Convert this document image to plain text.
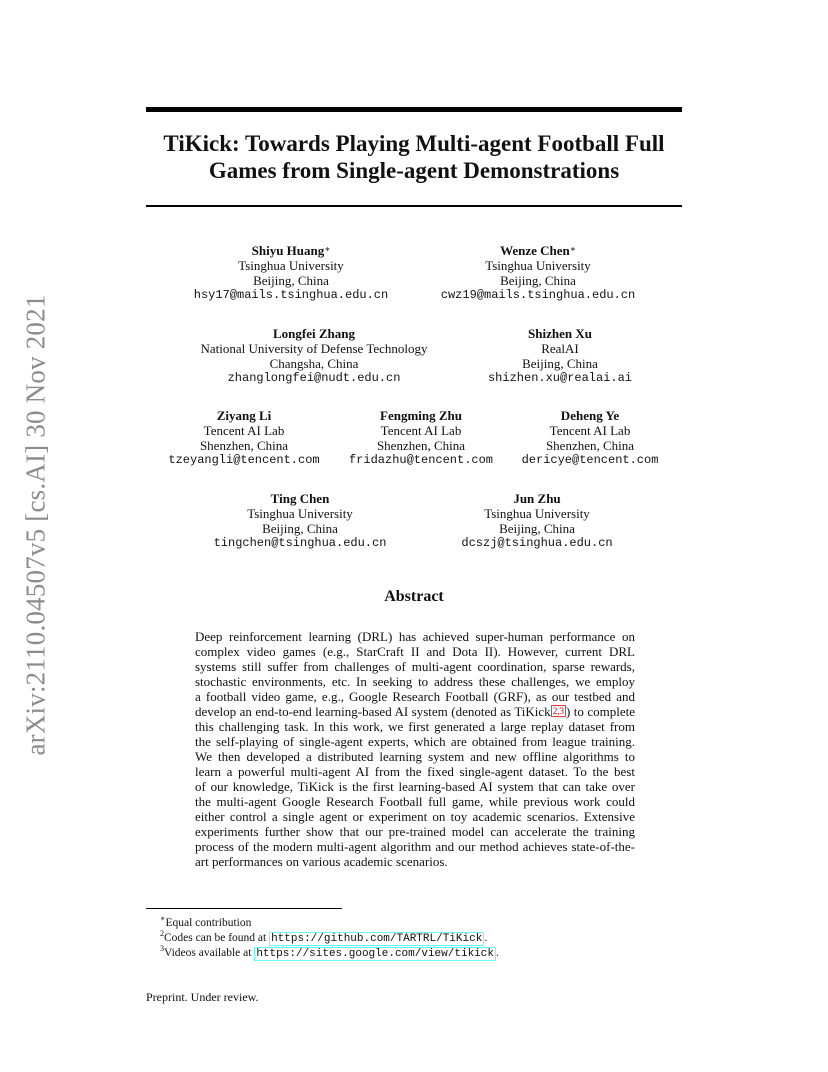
arXiv:2110.04507v5 [cs.AI] 30 Nov 2021
TiKick: Towards Playing Multi-agent Football Full
Games from Single-agent Demonstrations
Shiyu Huang∗
Tsinghua University
Beijing, China
hsy17@mails.tsinghua.edu.cn
Wenze Chen∗
Tsinghua University
Beijing, China
cwz19@mails.tsinghua.edu.cn
Longfei Zhang
National University of Defense Technology
Changsha, China
zhanglongfei@nudt.edu.cn
Shizhen Xu
RealAI
Beijing, China
shizhen.xu@realai.ai
Ziyang Li
Tencent AI Lab
Shenzhen, China
tzeyangli@tencent.com
Fengming Zhu
Tencent AI Lab
Shenzhen, China
fridazhu@tencent.com
Deheng Ye
Tencent AI Lab
Shenzhen, China
dericye@tencent.com
Ting Chen
Tsinghua University
Beijing, China
tingchen@tsinghua.edu.cn
Jun Zhu
Tsinghua University
Beijing, China
dcszj@tsinghua.edu.cn
Abstract
Deep reinforcement learning (DRL) has achieved super-human performance on
complex video games (e.g., StarCraft II and Dota II). However, current DRL
systems still suffer from challenges of multi-agent coordination, sparse rewards,
stochastic environments, etc. In seeking to address these challenges, we employ
a football video game, e.g., Google Research Football (GRF), as our testbed and
develop an end-to-end learning-based AI system (denoted as TiKick $^{2,3}$ ) to complete
this challenging task. In this work, we first generated a large replay dataset from
the self-playing of single-agent experts, which are obtained from league training.
We then developed a distributed learning system and new offline algorithms to
learn a powerful multi-agent AI from the fixed single-agent dataset. To the best
of our knowledge, TiKick is the first learning-based AI system that can take over
the multi-agent Google Research Football full game, while previous work could
either control a single agent or experiment on toy academic scenarios. Extensive
experiments further show that our pre-trained model can accelerate the training
process of the modern multi-agent algorithm and our method achieves state-of-the-
art performances on various academic scenarios.
∗Equal contribution
$^2$Codes can be found at https://github.com/TARTRL/TiKick .
$^3$Videos available at https://sites.google.com/view/tikick .
Preprint. Under review.
